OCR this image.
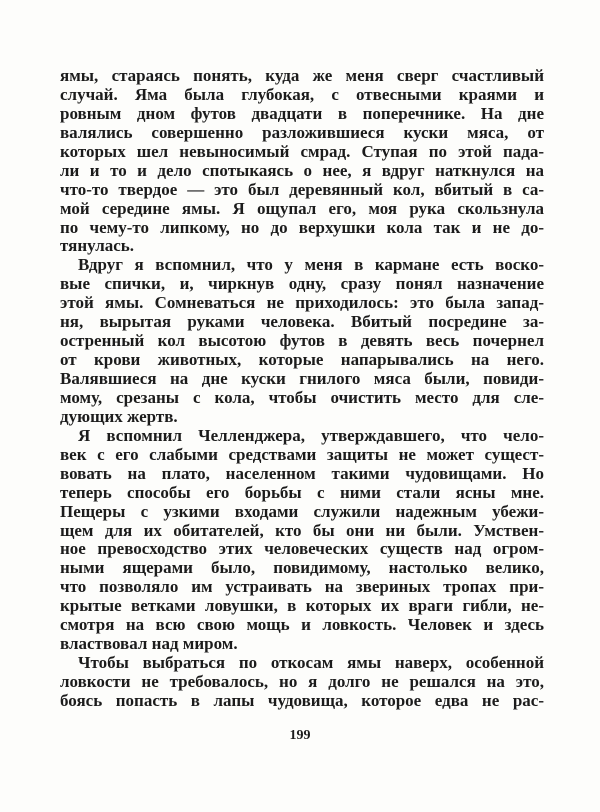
ямы, стараясь понять, куда же меня сверг счастливый
случай. Яма была глубокая, с отвесными краями и
ровным дном футов двадцати в поперечнике. На дне
валялись совершенно разложившиеся куски мяса, от
которых шел невыносимый смрад. Ступая по этой пада-
ли и то и дело спотыкаясь о нее, я вдруг наткнулся на
что-то твердое — это был деревянный кол, вбитый в са-
мой середине ямы. Я ощупал его, моя рука скользнула
по чему-то липкому, но до верхушки кола так и не до-
тянулась.
Вдруг я вспомнил, что у меня в кармане есть воско-
вые спички, и, чиркнув одну, сразу понял назначение
этой ямы. Сомневаться не приходилось: это была запад-
ня, вырытая руками человека. Вбитый посредине за-
остренный кол высотою футов в девять весь почернел
от крови животных, которые напарывались на него.
Валявшиеся на дне куски гнилого мяса были, повиди-
мому, срезаны с кола, чтобы очистить место для сле-
дующих жертв.
Я вспомнил Челленджера, утверждавшего, что чело-
век с его слабыми средствами защиты не может сущест-
вовать на плато, населенном такими чудовищами. Но
теперь способы его борьбы с ними стали ясны мне.
Пещеры с узкими входами служили надежным убежи-
щем для их обитателей, кто бы они ни были. Умствен-
ное превосходство этих человеческих существ над огром-
ными ящерами было, повидимому, настолько велико,
что позволяло им устраивать на звериных тропах при-
крытые ветками ловушки, в которых их враги гибли, не-
смотря на всю свою мощь и ловкость. Человек и здесь
властвовал над миром.
Чтобы выбраться по откосам ямы наверх, особенной
ловкости не требовалось, но я долго не решался на это,
боясь попасть в лапы чудовища, которое едва не рас-
199
